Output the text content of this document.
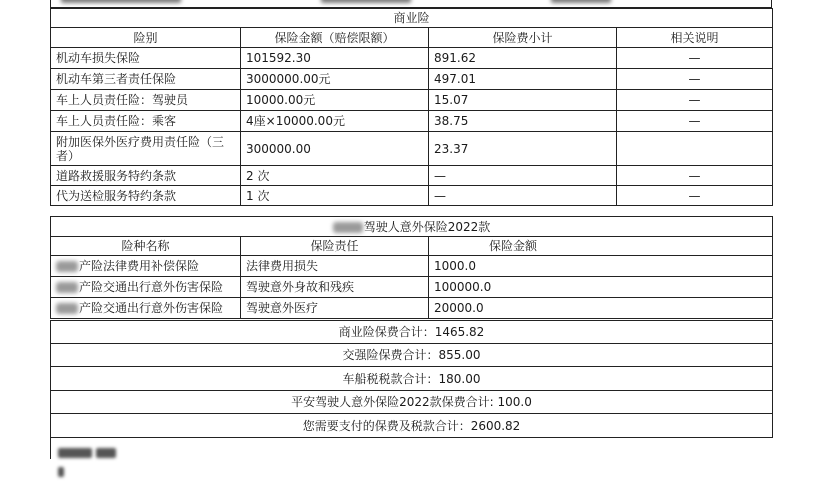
商业险			
险别	保险金额（赔偿限额）	保险费小计	相关说明
机动车损失保险	101592.30	891.62	—
机动车第三者责任保险	3000000.00元	497.01	—
车上人员责任险：驾驶员	10000.00元	15.07	—
车上人员责任险：乘客	4座×10000.00元	38.75	—
附加医保外医疗费用责任险（三者）	300000.00	23.37	
道路救援服务特约条款	2 次	—	—
代为送检服务特约条款	1 次	—	—
驾驶人意外保险2022款		
险种名称	保险责任	保险金额
产险法律费用补偿保险	法律费用损失	1000.0
产险交通出行意外伤害保险	驾驶意外身故和残疾	100000.0
产险交通出行意外伤害保险	驾驶意外医疗	20000.0
商业险保费合计：1465.82
交强险保费合计：855.00
车船税税款合计：180.00
平安驾驶人意外保险2022款保费合计: 100.0
您需要支付的保费及税款合计：2600.82
